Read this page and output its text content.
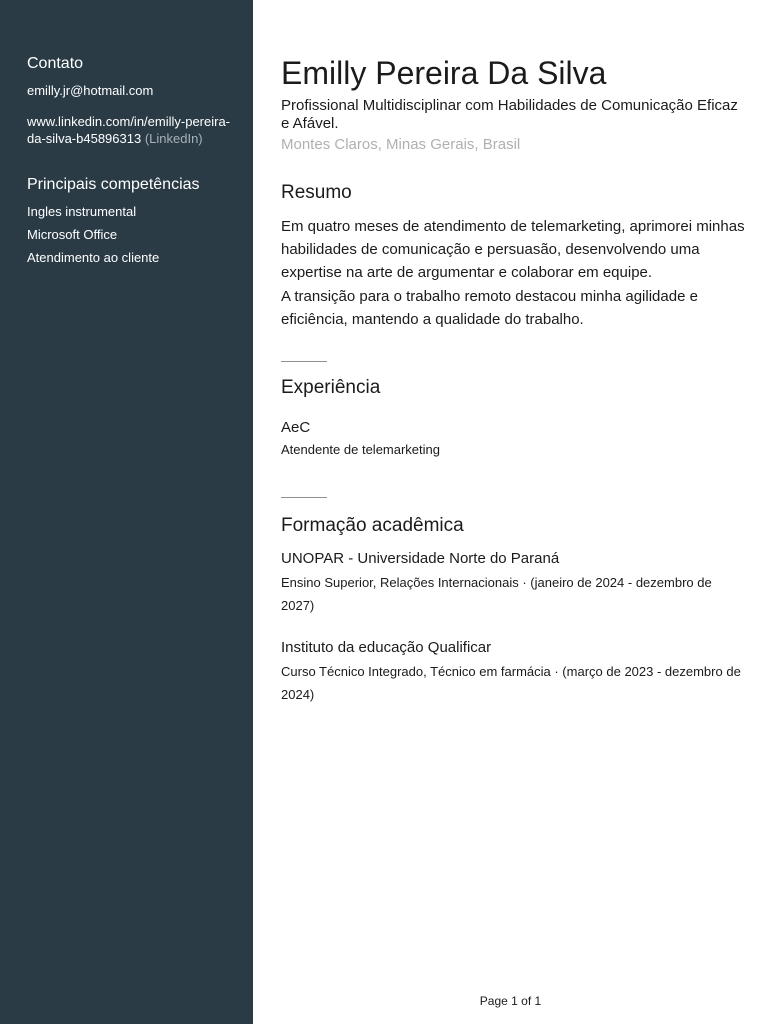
Contato
emilly.jr@hotmail.com
www.linkedin.com/in/emilly-pereira-da-silva-b45896313 (LinkedIn)
Principais competências
Ingles instrumental
Microsoft Office
Atendimento ao cliente
Emilly Pereira Da Silva
Profissional Multidisciplinar com Habilidades de Comunicação Eficaz e Afável.
Montes Claros, Minas Gerais, Brasil
Resumo
Em quatro meses de atendimento de telemarketing, aprimorei minhas habilidades de comunicação e persuasão, desenvolvendo uma expertise na arte de argumentar e colaborar em equipe.
A transição para o trabalho remoto destacou minha agilidade e eficiência, mantendo a qualidade do trabalho.
Experiência
AeC
Atendente de telemarketing
Formação acadêmica
UNOPAR - Universidade Norte do Paraná
Ensino Superior, Relações Internacionais · (janeiro de 2024 - dezembro de 2027)
Instituto da educação Qualificar
Curso Técnico Integrado, Técnico em farmácia · (março de 2023 - dezembro de 2024)
Page 1 of 1
